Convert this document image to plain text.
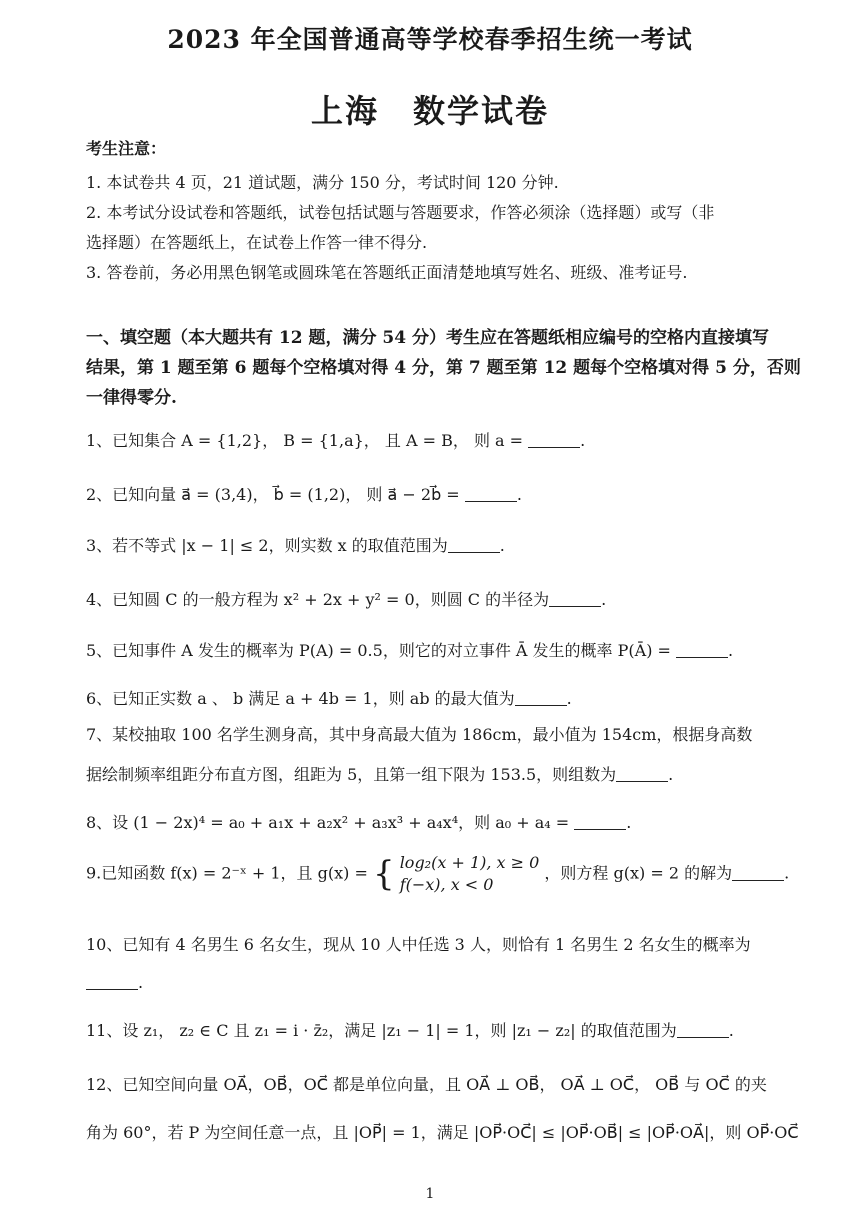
2023 年全国普通高等学校春季招生统一考试
上海　数学试卷
考生注意：
1. 本试卷共 4 页，21 道试题，满分 150 分，考试时间 120 分钟.
2. 本考试分设试卷和答题纸，试卷包括试题与答题要求，作答必须涂（选择题）或写（非
选择题）在答题纸上，在试卷上作答一律不得分.
3. 答卷前，务必用黑色钢笔或圆珠笔在答题纸正面清楚地填写姓名、班级、准考证号.
一、填空题（本大题共有 12 题，满分 54 分）考生应在答题纸相应编号的空格内直接填写
结果，第 1 题至第 6 题每个空格填对得 4 分，第 7 题至第 12 题每个空格填对得 5 分，否则
一律得零分.
1、已知集合 A = {1,2}， B = {1,a}， 且 A = B， 则 a =	.
2、已知向量 a⃗ = (3,4)， b⃗ = (1,2)， 则 a⃗ − 2b⃗ =	.
3、若不等式 |x − 1| ≤ 2，则实数 x 的取值范围为	.
4、已知圆 C 的一般方程为 x² + 2x + y² = 0，则圆 C 的半径为	.
5、已知事件 A 发生的概率为 P(A) = 0.5，则它的对立事件 Ā 发生的概率 P(Ā) =	.
6、已知正实数 a 、 b 满足 a + 4b = 1，则 ab 的最大值为	.
7、某校抽取 100 名学生测身高，其中身高最大值为 186cm，最小值为 154cm，根据身高数
据绘制频率组距分布直方图，组距为 5，且第一组下限为 153.5，则组数为	.
8、设 (1 − 2x)⁴ = a₀ + a₁x + a₂x² + a₃x³ + a₄x⁴，则 a₀ + a₄ =	.
9.已知函数 f(x) = 2⁻ˣ + 1，且 g(x) = { log₂(x + 1), x ≥ 0
f(−x), x < 0
，则方程 g(x) = 2 的解为	.
10、已知有 4 名男生 6 名女生，现从 10 人中任选 3 人，则恰有 1 名男生 2 名女生的概率为
.
11、设 z₁， z₂ ∈ C 且 z₁ = i · z̄₂，满足 |z₁ − 1| = 1，则 |z₁ − z₂| 的取值范围为	.
12、已知空间向量 OA⃗，OB⃗，OC⃗ 都是单位向量，且 OA⃗ ⊥ OB⃗， OA⃗ ⊥ OC⃗， OB⃗ 与 OC⃗ 的夹
角为 60°，若 P 为空间任意一点，且 |OP⃗| = 1，满足 |OP⃗·OC⃗| ≤ |OP⃗·OB⃗| ≤ |OP⃗·OA⃗|，则 OP⃗·OC⃗
1
